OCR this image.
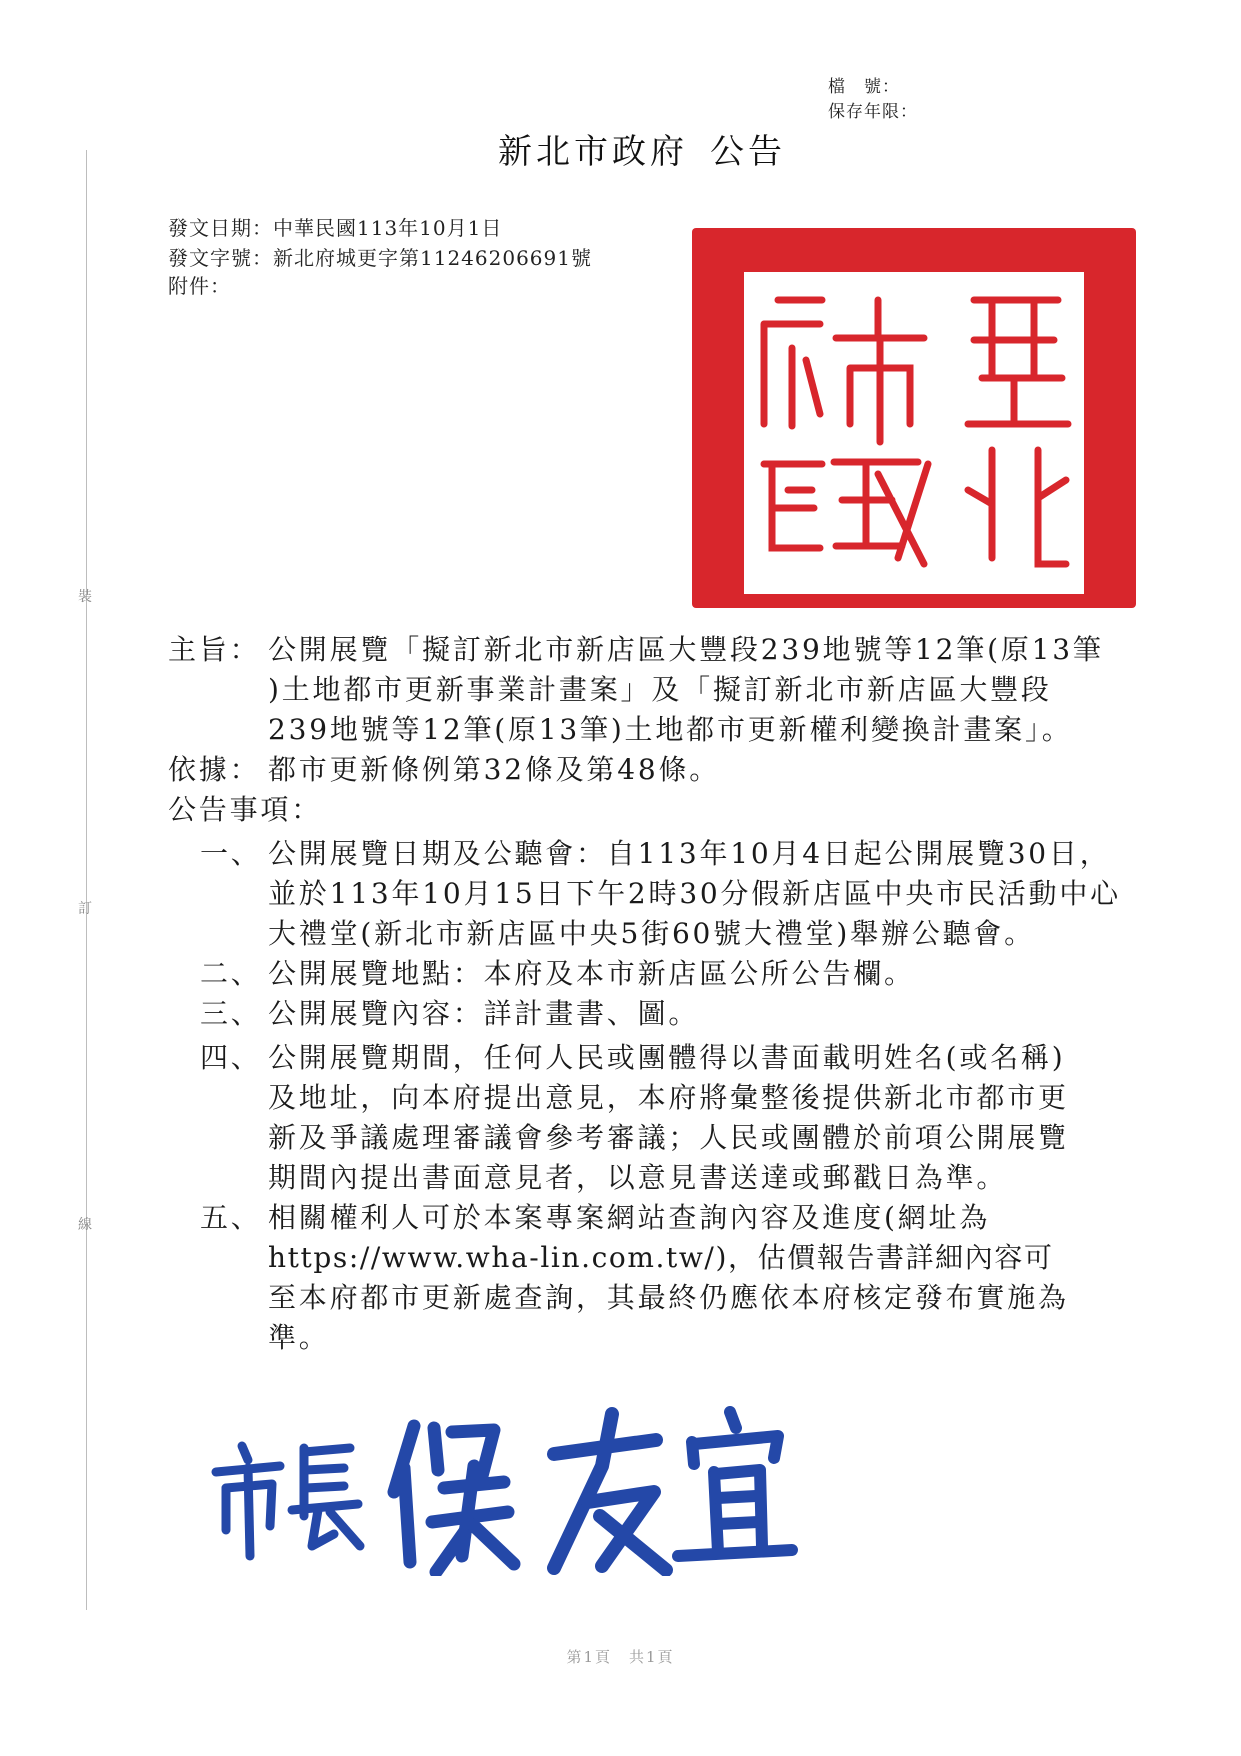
裝
訂
線
檔　號：
保存年限：
新北市政府 公告
發文日期：中華民國113年10月1日
發文字號：新北府城更字第11246206691號
附件：
主旨： 公開展覽「擬訂新北市新店區大豐段239地號等12筆(原13筆
)土地都市更新事業計畫案」及「擬訂新北市新店區大豐段
239地號等12筆(原13筆)土地都市更新權利變換計畫案」。
依據： 都市更新條例第32條及第48條。
公告事項：
一、 公開展覽日期及公聽會：自113年10月4日起公開展覽30日，
並於113年10月15日下午2時30分假新店區中央市民活動中心
大禮堂(新北市新店區中央5街60號大禮堂)舉辦公聽會。
二、 公開展覽地點：本府及本市新店區公所公告欄。
三、 公開展覽內容：詳計畫書、圖。
四、 公開展覽期間，任何人民或團體得以書面載明姓名(或名稱)
及地址，向本府提出意見，本府將彙整後提供新北市都市更
新及爭議處理審議會參考審議；人民或團體於前項公開展覽
期間內提出書面意見者，以意見書送達或郵戳日為準。
五、 相關權利人可於本案專案網站查詢內容及進度(網址為
https://www.wha-lin.com.tw/)，估價報告書詳細內容可
至本府都市更新處查詢，其最終仍應依本府核定發布實施為
準。
第1頁　共1頁
